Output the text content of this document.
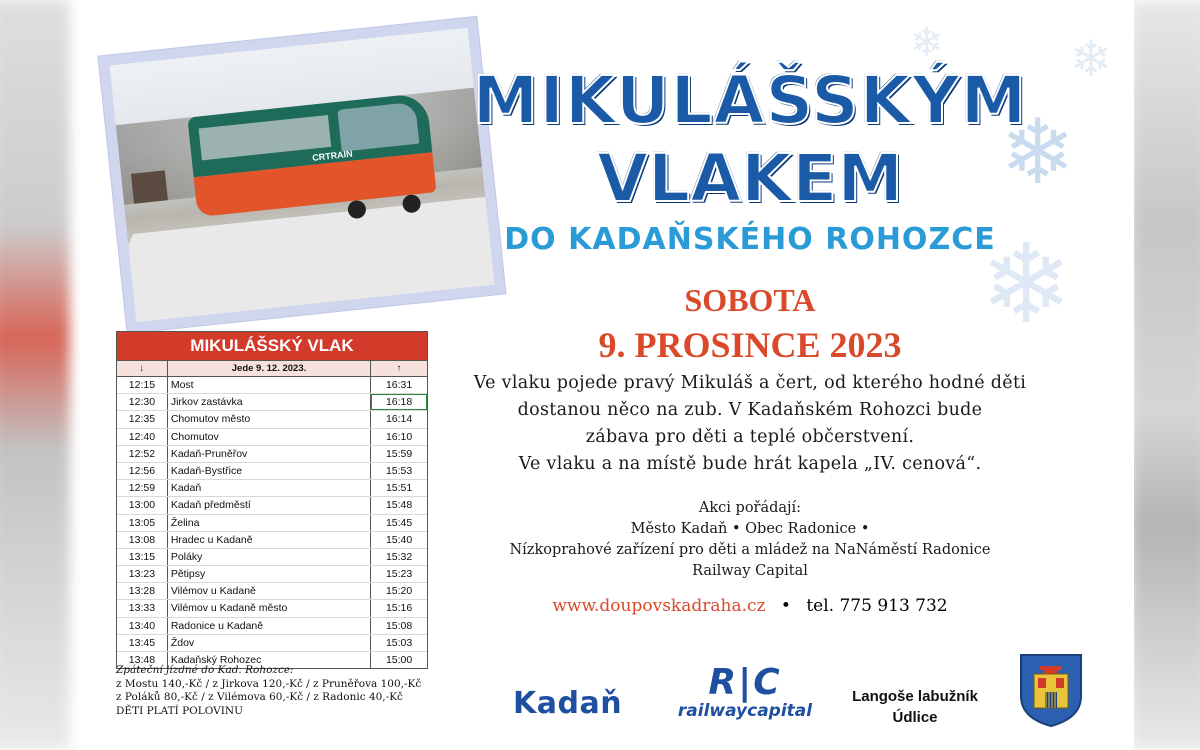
❄
❄
❄	❄
CRTRAIN
MIKULÁŠSKÝM
VLAKEM
DO KADAŇSKÉHO ROHOZCE
SOBOTA
9. PROSINCE 2023
Ve vlaku pojede pravý Mikuláš a čert, od kterého hodné děti
dostanou něco na zub. V Kadaňském Rohozci bude
zábava pro děti a teplé občerstvení.
Ve vlaku a na místě bude hrát kapela „IV. cenová“.
Akci pořádají:
Město Kadaň • Obec Radonice •
Nízkoprahové zařízení pro děti a mládež na NaNáměstí Radonice
Railway Capital
www.doupovskadraha.cz • tel. 775 913 732
MIKULÁŠSKÝ VLAK
↓	Jede 9. 12. 2023.	↑
12:15	Most	16:31
12:30	Jirkov zastávka	16:18
12:35	Chomutov město	16:14
12:40	Chomutov	16:10
12:52	Kadaň-Pruněřov	15:59
12:56	Kadaň-Bystřice	15:53
12:59	Kadaň	15:51
13:00	Kadaň předměstí	15:48
13:05	Želina	15:45
13:08	Hradec u Kadaně	15:40
13:15	Poláky	15:32
13:23	Pětipsy	15:23
13:28	Vilémov u Kadaně	15:20
13:33	Vilémov u Kadaně město	15:16
13:40	Radonice u Kadaně	15:08
13:45	Ždov	15:03
13:48	Kadaňský Rohozec	15:00
Zpáteční jízdné do Kad. Rohozce:
z Mostu 140,-Kč / z Jirkova 120,-Kč / z Pruněřova 100,-Kč
z Poláků 80,-Kč / z Vilémova 60,-Kč / z Radonic 40,-Kč
DĚTI PLATÍ POLOVINU	Kadaň
R|C
railwaycapital
Langoše labužník
Údlice
